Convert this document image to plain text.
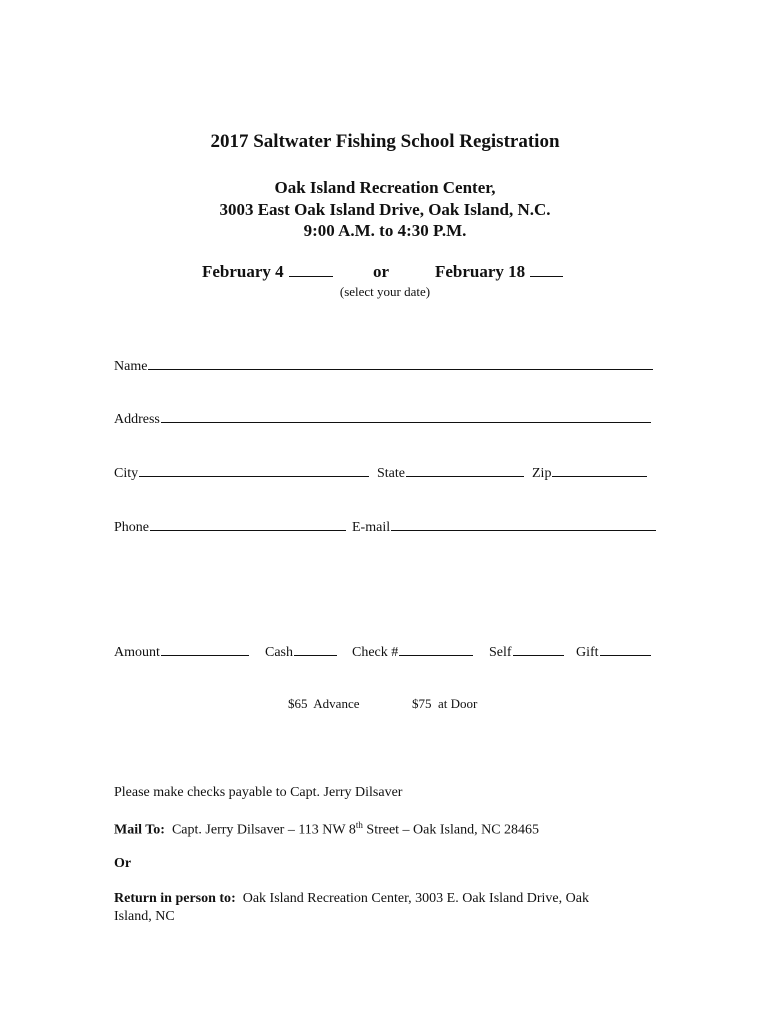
2017 Saltwater Fishing School Registration
Oak Island Recreation Center,
3003 East Oak Island Drive, Oak Island, N.C.
9:00 A.M. to 4:30 P.M.
February 4	or	February 18
(select your date)
Name
Address
City	State	Zip
Phone	E-mail
Amount	Cash	Check #	Self	Gift
$65  Advance	$75  at Door
Please make checks payable to Capt. Jerry Dilsaver
Mail To: Capt. Jerry Dilsaver – 113 NW 8th Street – Oak Island, NC 28465
Or
Return in person to: Oak Island Recreation Center, 3003 E. Oak Island Drive, Oak
Island, NC
